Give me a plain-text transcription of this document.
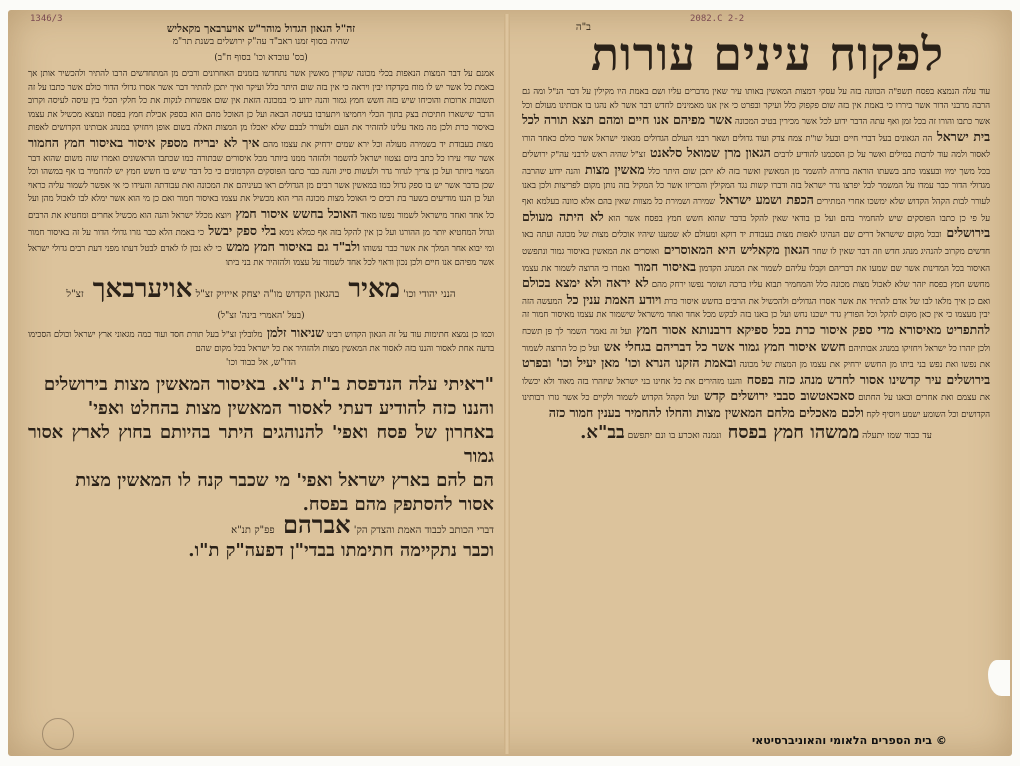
1346/3	2082.C 2-2
זה"ל הגאון הגדול מוהר"ש אויערבאך מקאליש
שהיה בסוף זמנו ראב"ד עה"ק ירושלים בשנת תר"מ
(בס' עובדא וכו' בסוף ח"ב)
אמנם על דבר המצות הנאפות בכלי מכונה שקורין מאשין אשר נתחדשו בזמנים האחרונים ורבים מן המתחדשים הרבו להתיר ולהכשיר אותן אך באמת כל אשר יש לו מוח בקדקדו יבין ויראה כי אין בזה שום היתר כלל ועיקר ואיך יתכן להתיר דבר אשר אסרו גדולי הדור כולם אשר כתבו על זה תשובות ארוכות והוכיחו שיש בזה חשש חמץ גמור והנה ידוע כי במכונה הזאת אין שום אפשרות לנקות את כל חלקי הכלי בין עיסה לעיסה וקרוב הדבר שישארו חתיכות בצק בתוך הכלי ויחמיצו ויתערבו בעיסה הבאה ועל כן האוכל מהם הוא בספק אכילת חמץ בפסח ונמצא מכשיל את עצמו באיסור כרת ולכן מה מאד עלינו להזהיר את העם ולעורר לבבם שלא יאכלו מן המצות האלה בשום אופן ויחזיקו במנהג אבותינו הקדושים לאפות מצות בעבודת יד בשמירה מעולה וכל ירא שמים ירחיק את עצמו מהם איך לא יבריח מספק איסור באיסור חמץ החמור אשר שדי עירו כל כתב ביום נצטוו ישראל להשמר ולהזהר ממנו ביותר מכל איסורים שבתורה כמו שכתבו הראשונים ואמרו שזה משום שהוא דבר המצוי ביותר ועל כן צריך לגדור גדר ולעשות סייג והנה כבר כתבו הפוסקים הקדמונים כי כל דבר שיש בו חשש חמץ יש להחמיר בו אף במשהו וכל שכן בדבר אשר יש בו ספק גדול כמו במאשין אשר רבים מן הגדולים ראו בעיניהם את המכונה ואת עבודתה והעידו כי אי אפשר לשמור עליה כראוי ועל כן הננו מודיעים בשער בת רבים כי האוכל מצות מכונה הרי הוא מכשיל את עצמו באיסור חמור ואם כן מי הוא אשר ימלא לבו לאכול מהן ועל כל אחד ואחד מישראל לשמור נפשו מאוד האוכל בחשש איסור חמץ ויוצא מכלל ישראל והנה הוא מכשיל אחרים ומחטיא את הרבים וגדול המחטיא יותר מן ההורגו ועל כן אין להקל בזה אף כמלא נימא בלי ספק יבשל כי באמת הלא כבר גזרו גדולי הדור על זה באיסור חמור ומי יבוא אחר המלך את אשר כבר עשוהו ולב"ד גם באיסור חמץ ממש כי לא נכון לו לאדם לבטל דעתו מפני דעת רבים גדולי ישראל אשר מפיהם אנו חיים ולכן נכון וראוי לכל אחד לשמור על עצמו ולהזהיר את בני ביתו
הנני יהודי וכו' מאיר בהגאון הקדוש מו"ה יצחק אייזיק זצ"ל אויערבאך זצ"ל
(בעל 'האמרי בינה' זצ"ל)
וכמו כן נמצא חתימות עוד על זה הגאון הקדוש רבינו שניאור זלמן מלובלין זצ"ל בעל תורת חסד ועוד כמה מגאוני ארץ ישראל וכולם הסכימו בדעה אחת לאסור והננו בזה לאסור את המאשין מצות ולהזהיר את כל ישראל בכל מקום שהם
הדו"ש, אל כבוד וכו'
"ראיתי עלה הנדפסת ב"ת נ"א. באיסור המאשין מצות בירושלים
והננו כזה להודיע דעתי לאסור המאשין מצות בהחלט ואפי'
באחרון של פסח ואפי' להנוהגים היתר בהיותם בחוץ לארץ אסור גמור
הם להם בארץ ישראל ואפי' מי שכבר קנה לו המאשין מצות
אסור להסתפק מהם בפסח.
דברי הכותב לכבוד האמת והצדק הק' אברהם פפ"ק תנ"א
וכבר נתקיימה חתימתו בבדי"ן דפעה"ק ת"ו.
לפקוח עינים עורות
ב"ה
עוד עלה הנמצא בפסח תשפ"ה הכוונה בזה על עסקי דמצות המאשין באותו עיר שאין מדברים עליו ושם באמת היו מקילין על דבר הנ"ל ומה גם הרבה מרבני הדור אשר ביררו כי באמת אין בזה שום פקפוק כלל ועיקר ובפרט כי אין אנו מאמינים לחדש דבר אשר לא נהגו בו אבותינו מעולם וכל אשר כתבו והורו זה בכל זמן ואף עתה הדבר ידוע לכל אשר מכירין בטיב המכונה אשר מפיהם אנו חיים ומהם תצא תורה לכל בית ישראל הה הגאונים בעל דברי חיים ובעל שו"ת צמח צדק ועוד גדולים ושאר רבני העולם הגדולים מגאוני ישראל אשר כולם כאחד הורו לאסור ולמה עוד לרבות במילים ואשר על כן הסכמנו להודיע לרבים הגאון מרן שמואל סלאנט זצ"ל שהיה ראש לרבני עה"ק ירושלים בכל משך ימיו ובעצמו כתב בשעתו הוראה ברורה להשמר מן המאשין ואשר בזה לא יתכן שום היתר כלל מאשין מצות והנה ידוע שהרבה מגדולי הדור כבר עמדו על המשמר לבל יפרצו גדר ישראל בזה ודברו קשות נגד המקילין והכריזו אשר כל המקיל בזה נותן מקום לפריצות ולכן באנו לעורר לבות הקהל הקדוש שלא ימשכו אחרי המתירים הכפת ושמע ישראל שמירה ושמירת כל מצוות שאין בהם אלא כוונה בעלמא ואף על פי כן כתבו הפוסקים שיש להחמיר בהם ועל כן בודאי שאין להקל בדבר שהוא חשש חמץ בפסח אשר הוא לא היתה מעולם בירושלים ובכל מקום שישראל דרים שם הנהיגו לאפות מצות בעבודת יד דוקא ומעולם לא שמענו שיהיו אוכלים מצות של מכונה ועתה באו חדשים מקרוב להנהיג מנהג חדש וזה דבר שאין לו שחר הגאון מקאליש היא המאוסרים ואוסרים את המאשין באיסור גמור ונתפשט האיסור בכל המדינות אשר שם שמעו את דבריהם וקבלו עליהם לשמור את המנהג הקדמון באיסור חמור ואמרו כי הרוצה לשמור את עצמו מחשש חמץ בפסח יזהר שלא לאכול מצות מכונה כלל והמחמיר תבוא עליו ברכה ושומר נפשו ירחק מהם לא יראה ולא ימצא בכולם ואם כן איך מלאו לבו של אדם להתיר את אשר אסרו הגדולים ולהכשיל את הרבים בחשש איסור כרת ויודע האמת ענין כל המעשה הזה יבין מעצמו כי אין כאן מקום להקל וכל הפורץ גדר ישכנו נחש ועל כן באנו בזה לבקש מכל אחד ואחד מישראל שישמור את עצמו מאיסור חמור זה להתפריט מאיסורא מדי ספק איסור כרת בכל ספיקא דרבנותא אסור חמץ ועל זה נאמר השמר לך פן תשכח ולכן יזהרו כל ישראל ויחזיקו במנהג אבותיהם חשש איסור חמץ גמור אשר כל דבריהם בגחלי אש ועל כן כל הרוצה לשמור את נפשו ואת נפש בני ביתו מן החשש ירחיק את עצמו מן המצות של מכונה ובאמת הזקנו הנרא וכו' מאן יעיל וכו' ובפרט בירושלים עיר קדשינו אסור לחדש מנהג כזה בפסח והננו מזהירים את כל אחינו בני ישראל שיזהרו בזה מאוד ולא יכשלו את עצמם ואת אחרים ובאנו על החתום סאכאטשוב סבבי ירושלים קדש ועל הקהל הקדוש לשמור ולקיים כל אשר גזרו רבותינו הקדושים וכל השומע ישמע ויוסיף לקח ולכם מאכלים מלחם המאשין מצות והחלו להחמיר בענין חמור כזה
עד כבוד שמו יתעלה ממשהו חמץ בפסח ונמנה ואכרע בו ונם יתפשם בב"א.
© בית הספרים הלאומי והאוניברסיטאי
